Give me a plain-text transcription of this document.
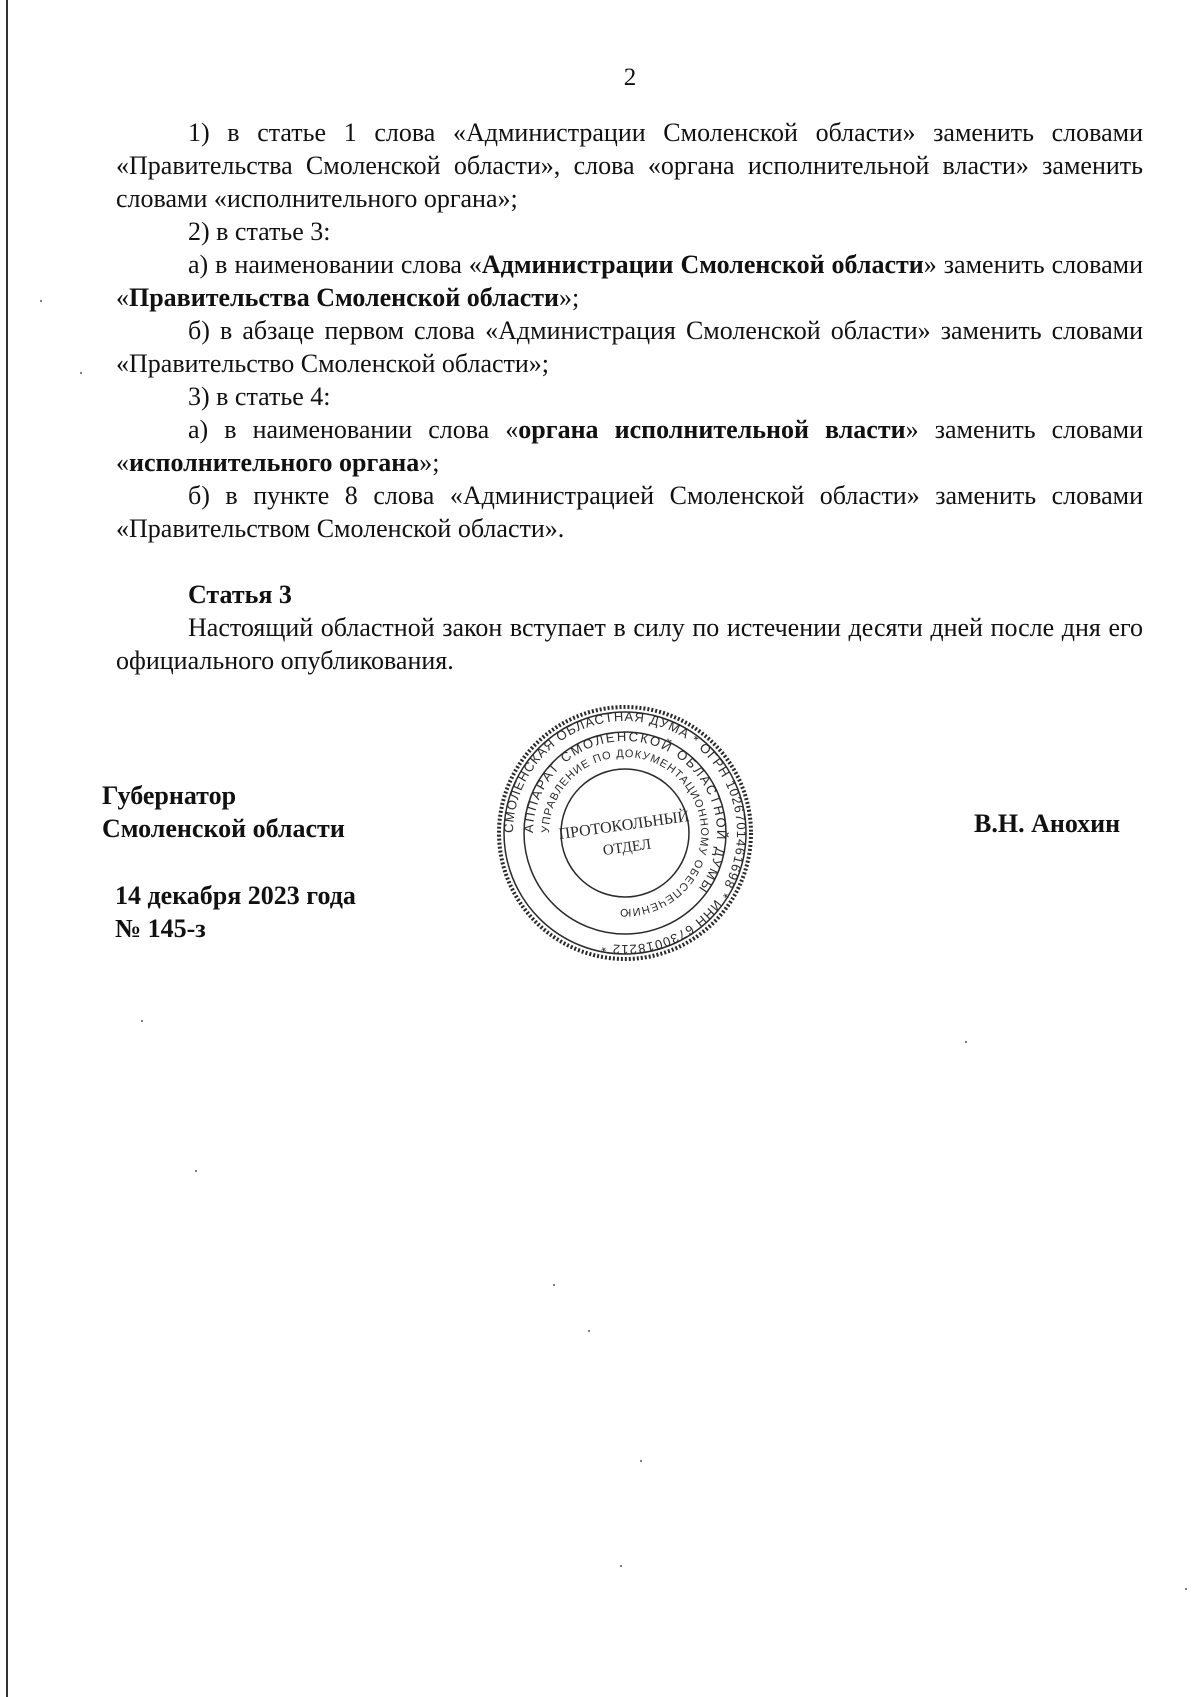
2

1) в статье 1 слова «Администрации Смоленской области» заменить словами «Правительства Смоленской области», слова «органа исполнительной власти» заменить словами «исполнительного органа»;

2) в статье 3:

а) в наименовании слова «Администрации Смоленской области» заменить словами «Правительства Смоленской области»;

б) в абзаце первом слова «Администрация Смоленской области» заменить словами «Правительство Смоленской области»;

3) в статье 4:

а) в наименовании слова «органа исполнительной власти» заменить словами «исполнительного органа»;

б) в пункте 8 слова «Администрацией Смоленской области» заменить словами «Правительством Смоленской области».

Статья 3

Настоящий областной закон вступает в силу по истечении десяти дней после дня его официального опубликования.

Губернатор
Смоленской области
14 декабря 2023 года
№ 145-з
В.Н. Анохин
СМОЛЕНСКАЯ ОБЛАСТНАЯ ДУМА * ОГРН 1026701461698 * ИНН 6730018212 *
АППАРАТ СМОЛЕНСКОЙ ОБЛАСТНОЙ ДУМЫ
УПРАВЛЕНИЕ ПО ДОКУМЕНТАЦИОННОМУ ОБЕСПЕЧЕНИЮ
ПРОТОКОЛЬНЫЙ
ОТДЕЛ
